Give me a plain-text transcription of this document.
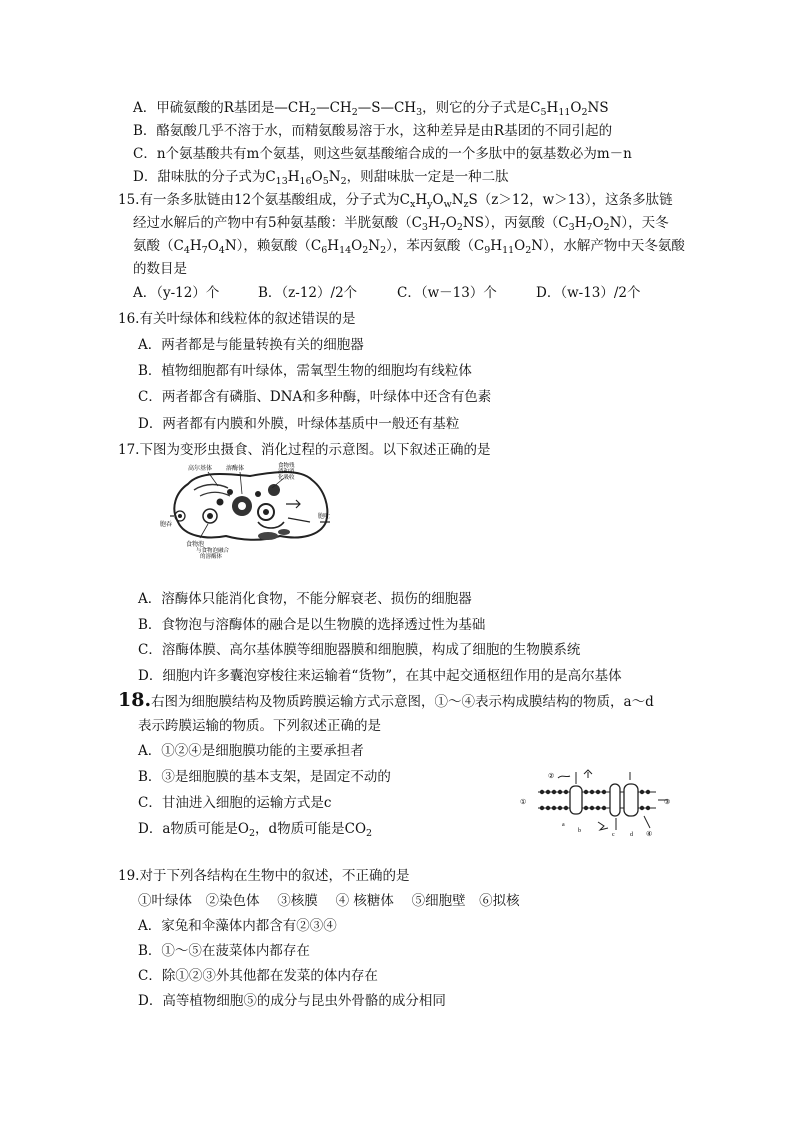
A．甲硫氨酸的R基团是$—CH_2—CH_2—S—CH_3$，则它的分子式是$C_5H_{11}O_2NS$
B．酪氨酸几乎不溶于水，而精氨酸易溶于水，这种差异是由R基团的不同引起的
C．n个氨基酸共有m个氨基，则这些氨基酸缩合成的一个多肽中的氨基数必为m－n
D．甜味肽的分子式为$C_{13}H_{16}O_5N_2$，则甜味肽一定是一种二肽
15.有一条多肽链由12个氨基酸组成，分子式为$C_xH_yO_wN_zS(z>12$，w＞13），这条多肽链
经过水解后的产物中有5种氨基酸：半胱氨酸$(C_3H_7O_2NS)$，丙氨酸$(C_3H_7O_2N)$，天冬
氨酸$(C_4H_7O_4N)$，赖氨酸$(C_6H_{14}O_2N_2)$，苯丙氨酸$(C_9H_{11}O_2N)$，水解产物中天冬氨酸
的数目是
A．（y-12）个	B．（z-12）/2个	C．（w－13）个	D．（w-13）/2个
16.有关叶绿体和线粒体的叙述错误的是
A．两者都是与能量转换有关的细胞器
B．植物细胞都有叶绿体，需氧型生物的细胞均有线粒体
C．两者都含有磷脂、DNA和多种酶，叶绿体中还含有色素
D．两者都有内膜和外膜，叶绿体基质中一般还有基粒
17.下图为变形虫摄食、消化过程的示意图。以下叙述正确的是
高尔基体 溶酶体	食物残
渣和消
化吸收
胞吞
胞吐
食物泡
与食物泡融合
的溶酶体
A．溶酶体只能消化食物，不能分解衰老、损伤的细胞器
B．食物泡与溶酶体的融合是以生物膜的选择透过性为基础
C．溶酶体膜、高尔基体膜等细胞器膜和细胞膜，构成了细胞的生物膜系统
D．细胞内许多囊泡穿梭往来运输着“货物”，在其中起交通枢纽作用的是高尔基体
18.右图为细胞膜结构及物质跨膜运输方式示意图，①～④表示构成膜结构的物质，a～d
表示跨膜运输的物质。下列叙述正确的是
A．①②④是细胞膜功能的主要承担者
B．③是细胞膜的基本支架，是固定不动的
C．甘油进入细胞的运输方式是c
D．a物质可能是$O_2$，d物质可能是$CO_2$
①
②
③
④
a
b
c	d
19.对于下列各结构在生物中的叙述，不正确的是
①叶绿体　②染色体　 ③核膜　 ④ 核糖体　 ⑤细胞壁　⑥拟核
A．家兔和伞藻体内都含有②③④
B．①～⑤在菠菜体内都存在
C．除①②③外其他都在发菜的体内存在
D．高等植物细胞⑤的成分与昆虫外骨骼的成分相同
